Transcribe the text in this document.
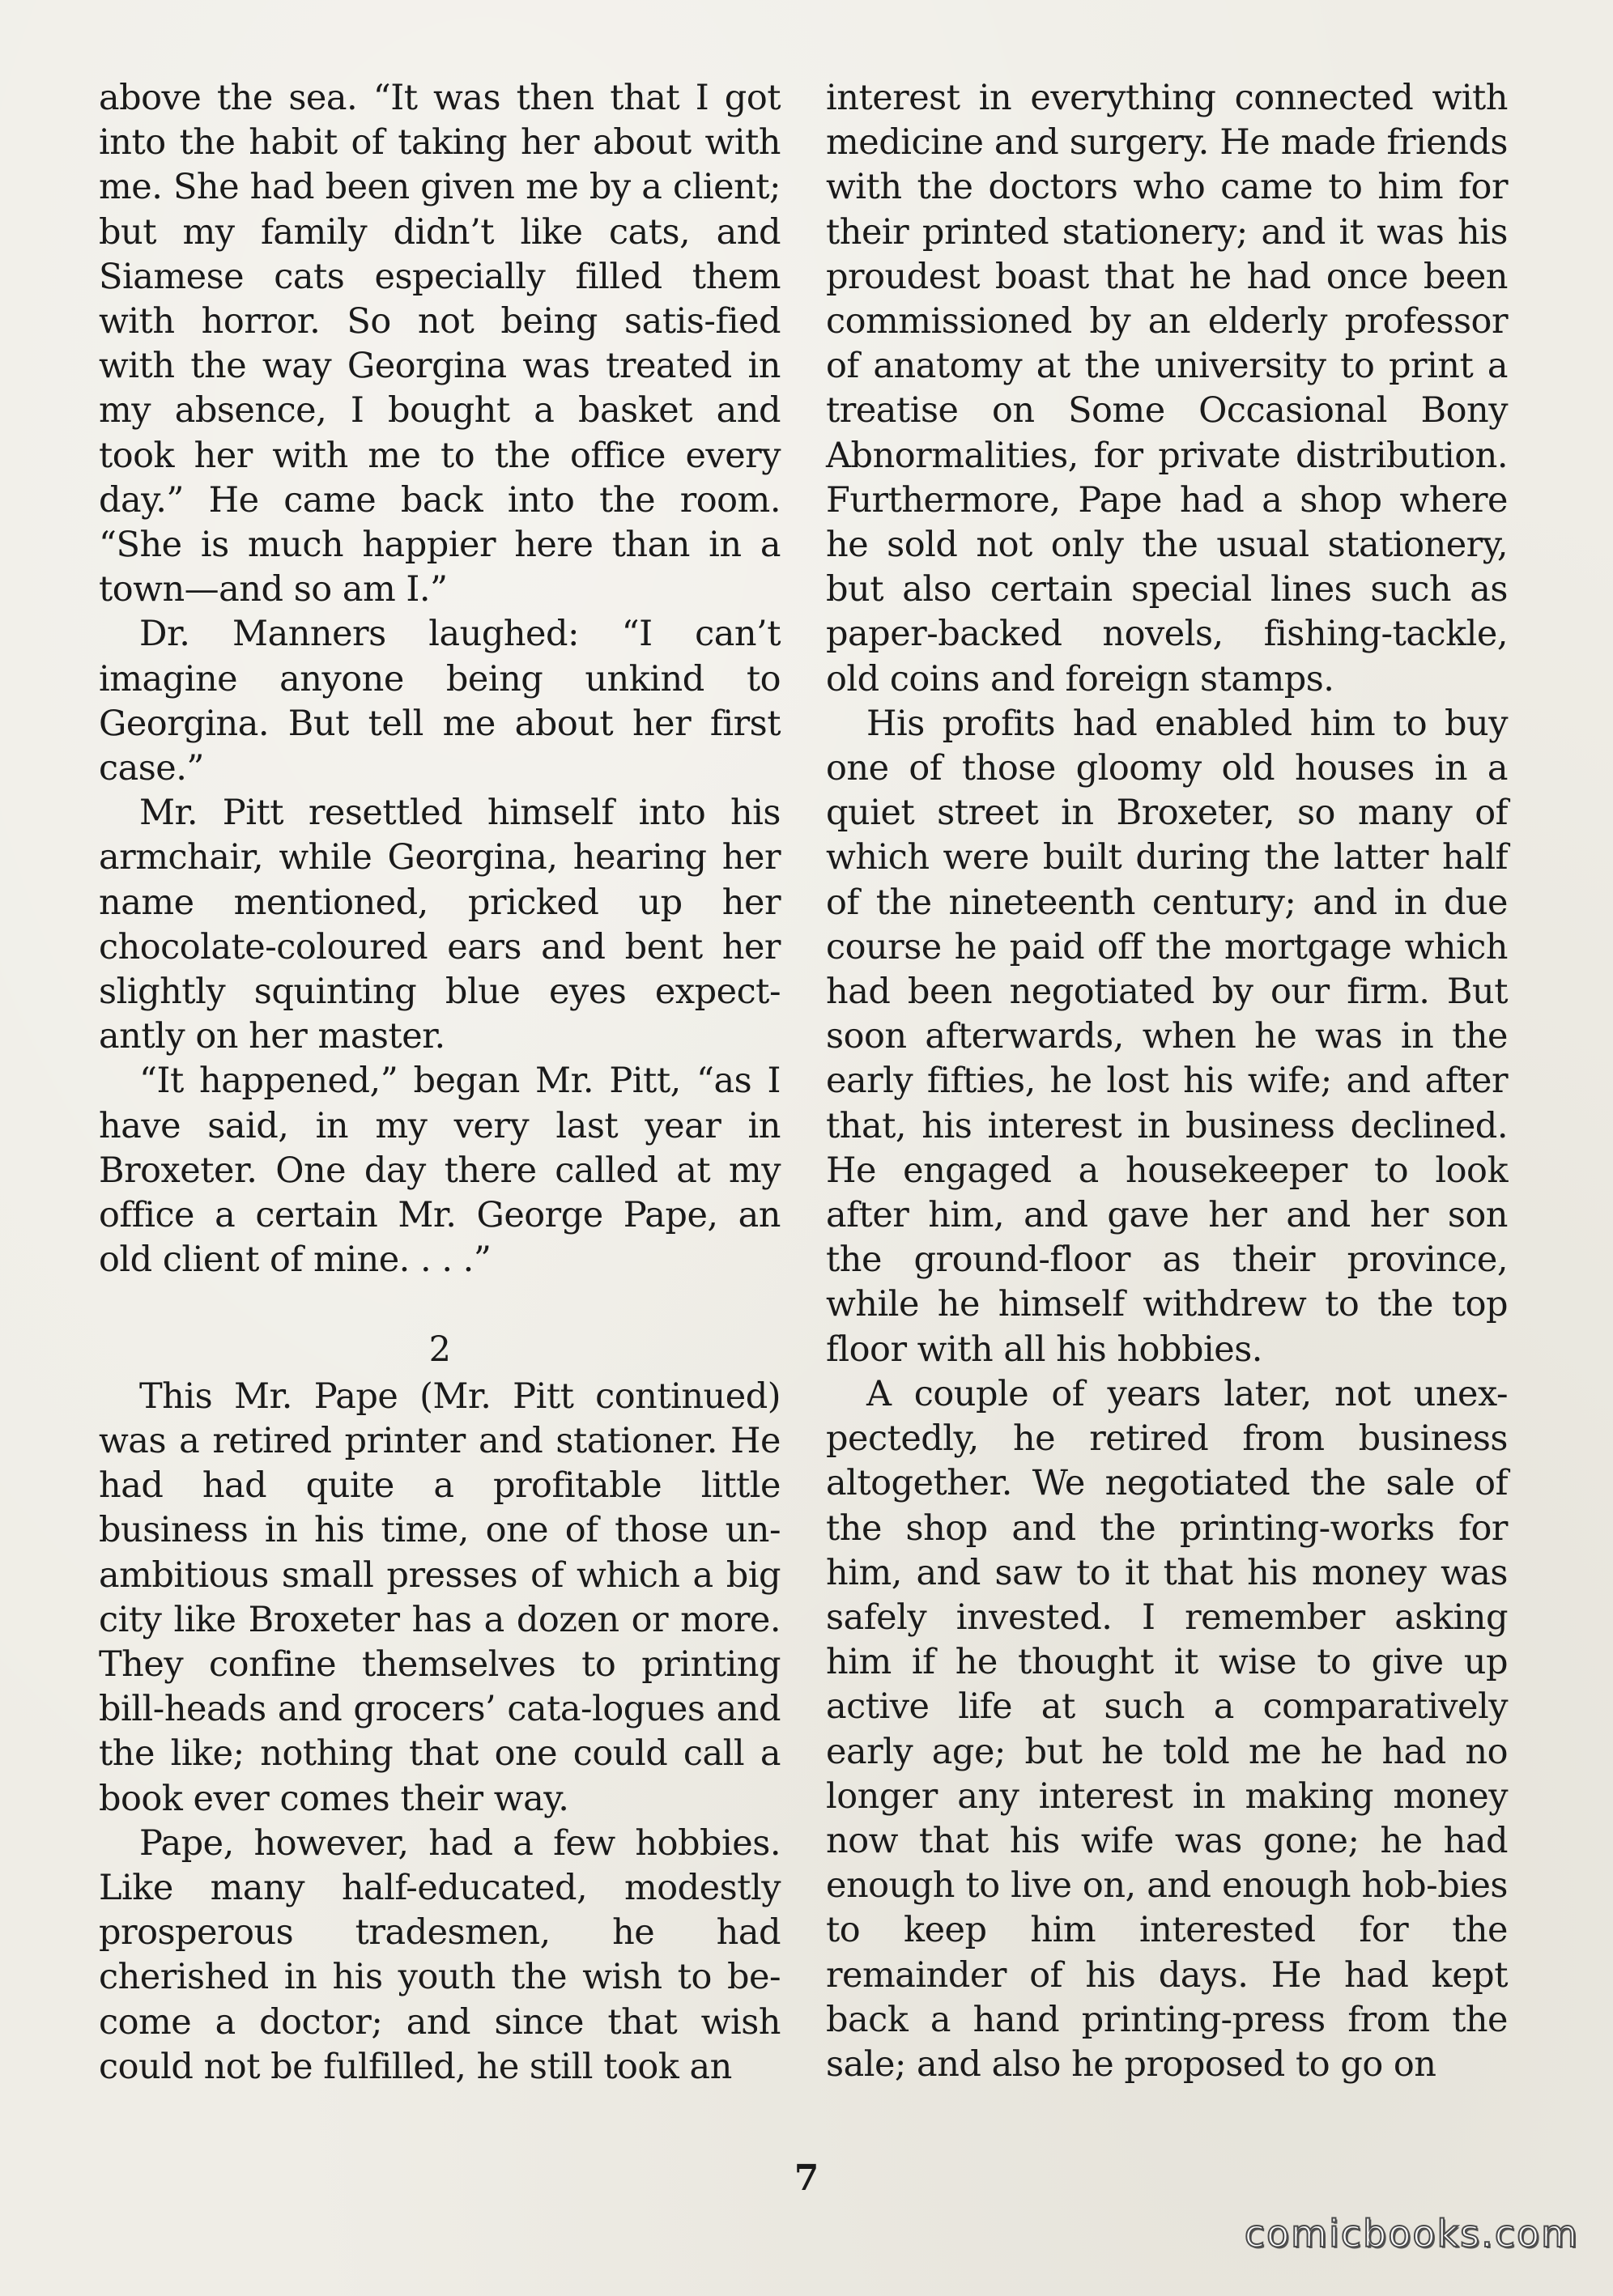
above the sea. “It was then that I got into the habit of taking her about with me. She had been given me by a client; but my family didn’t like cats, and Siamese cats especially filled them with horror. So not being satis-fied with the way Georgina was treated in my absence, I bought a basket and took her with me to the office every day.” He came back into the room. “She is much happier here than in a town—and so am I.”

Dr. Manners laughed: “I can’t imagine anyone being unkind to Georgina. But tell me about her first case.”

Mr. Pitt resettled himself into his armchair, while Georgina, hearing her name mentioned, pricked up her chocolate-coloured ears and bent her slightly squinting blue eyes expect-antly on her master.

“It happened,” began Mr. Pitt, “as I have said, in my very last year in Broxeter. One day there called at my office a certain Mr. George Pape, an old client of mine. . . .”

2

This Mr. Pape (Mr. Pitt continued) was a retired printer and stationer. He had had quite a profitable little business in his time, one of those un-ambitious small presses of which a big city like Broxeter has a dozen or more. They confine themselves to printing bill-heads and grocers’ cata-logues and the like; nothing that one could call a book ever comes their way.

Pape, however, had a few hobbies. Like many half-educated, modestly prosperous tradesmen, he had cherished in his youth the wish to be-come a doctor; and since that wish could not be fulfilled, he still took an

interest in everything connected with medicine and surgery. He made friends with the doctors who came to him for their printed stationery; and it was his proudest boast that he had once been commissioned by an elderly professor of anatomy at the university to print a treatise on Some Occasional Bony Abnormalities, for private distribution. Furthermore, Pape had a shop where he sold not only the usual stationery, but also certain special lines such as paper-backed novels, fishing-tackle, old coins and foreign stamps.

His profits had enabled him to buy one of those gloomy old houses in a quiet street in Broxeter, so many of which were built during the latter half of the nineteenth century; and in due course he paid off the mortgage which had been negotiated by our firm. But soon afterwards, when he was in the early fifties, he lost his wife; and after that, his interest in business declined. He engaged a housekeeper to look after him, and gave her and her son the ground-floor as their province, while he himself withdrew to the top floor with all his hobbies.

A couple of years later, not unex-pectedly, he retired from business altogether. We negotiated the sale of the shop and the printing-works for him, and saw to it that his money was safely invested. I remember asking him if he thought it wise to give up active life at such a comparatively early age; but he told me he had no longer any interest in making money now that his wife was gone; he had enough to live on, and enough hob-bies to keep him interested for the remainder of his days. He had kept back a hand printing-press from the sale; and also he proposed to go on

7
comicbooks.com
